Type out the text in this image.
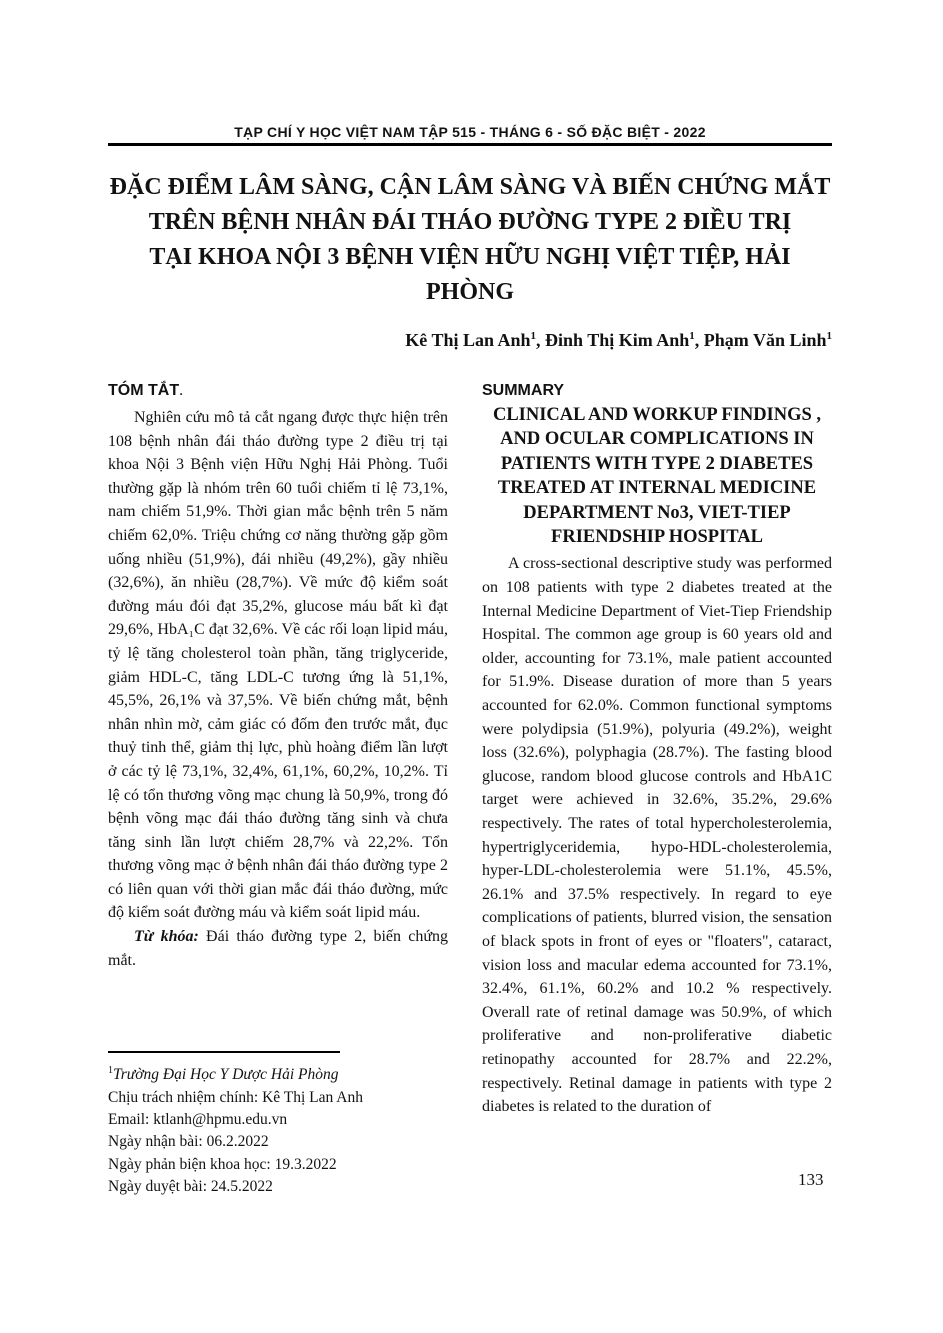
TẠP CHÍ Y HỌC VIỆT NAM TẬP 515 - THÁNG 6 - SỐ ĐẶC BIỆT - 2022
ĐẶC ĐIỂM LÂM SÀNG, CẬN LÂM SÀNG VÀ BIẾN CHỨNG MẮT
TRÊN BỆNH NHÂN ĐÁI THÁO ĐƯỜNG TYPE 2 ĐIỀU TRỊ
TẠI KHOA NỘI 3 BỆNH VIỆN HỮU NGHỊ VIỆT TIỆP, HẢI PHÒNG
Kê Thị Lan Anh$^1$, Đinh Thị Kim Anh$^1$, Phạm Văn Linh$^1$
TÓM TẮT.

Nghiên cứu mô tả cắt ngang được thực hiện trên 108 bệnh nhân đái tháo đường type 2 điều trị tại khoa Nội 3 Bệnh viện Hữu Nghị Hải Phòng. Tuổi thường gặp là nhóm trên 60 tuổi chiếm tỉ lệ 73,1%, nam chiếm 51,9%. Thời gian mắc bệnh trên 5 năm chiếm 62,0%. Triệu chứng cơ năng thường gặp gồm uống nhiều (51,9%), đái nhiều (49,2%), gầy nhiều (32,6%), ăn nhiều (28,7%). Về mức độ kiểm soát đường máu đói đạt 35,2%, glucose máu bất kì đạt 29,6%, HbA₁C đạt 32,6%. Về các rối loạn lipid máu, tỷ lệ tăng cholesterol toàn phần, tăng triglyceride, giảm HDL-C, tăng LDL-C tương ứng là 51,1%, 45,5%, 26,1% và 37,5%. Về biến chứng mắt, bệnh nhân nhìn mờ, cảm giác có đốm đen trước mắt, đục thuỷ tinh thể, giảm thị lực, phù hoàng điểm lần lượt ở các tỷ lệ 73,1%, 32,4%, 61,1%, 60,2%, 10,2%. Tỉ lệ có tổn thương võng mạc chung là 50,9%, trong đó bệnh võng mạc đái tháo đường tăng sinh và chưa tăng sinh lần lượt chiếm 28,7% và 22,2%. Tổn thương võng mạc ở bệnh nhân đái tháo đường type 2 có liên quan với thời gian mắc đái tháo đường, mức độ kiểm soát đường máu và kiểm soát lipid máu.

Từ khóa: Đái tháo đường type 2, biến chứng mắt.

$^1$Trường Đại Học Y Dược Hải Phòng
Chịu trách nhiệm chính: Kê Thị Lan Anh
Email: ktlanh@hpmu.edu.vn
Ngày nhận bài: 06.2.2022
Ngày phản biện khoa học: 19.3.2022
Ngày duyệt bài: 24.5.2022
SUMMARY
CLINICAL AND WORKUP FINDINGS ,
AND OCULAR COMPLICATIONS IN
PATIENTS WITH TYPE 2 DIABETES
TREATED AT INTERNAL MEDICINE
DEPARTMENT No3, VIET-TIEP
FRIENDSHIP HOSPITAL

A cross-sectional descriptive study was performed on 108 patients with type 2 diabetes treated at the Internal Medicine Department of Viet-Tiep Friendship Hospital. The common age group is 60 years old and older, accounting for 73.1%, male patient accounted for 51.9%. Disease duration of more than 5 years accounted for 62.0%. Common functional symptoms were polydipsia (51.9%), polyuria (49.2%), weight loss (32.6%), polyphagia (28.7%). The fasting blood glucose, random blood glucose controls and HbA1C target were achieved in 32.6%, 35.2%, 29.6% respectively. The rates of total hypercholesterolemia, hypertriglyceridemia, hypo-HDL-cholesterolemia, hyper-LDL-cholesterolemia were 51.1%, 45.5%, 26.1% and 37.5% respectively. In regard to eye complications of patients, blurred vision, the sensation of black spots in front of eyes or "floaters", cataract, vision loss and macular edema accounted for 73.1%, 32.4%, 61.1%, 60.2% and 10.2 % respectively. Overall rate of retinal damage was 50.9%, of which proliferative and non-proliferative diabetic retinopathy accounted for 28.7% and 22.2%, respectively. Retinal damage in patients with type 2 diabetes is related to the duration of

133
